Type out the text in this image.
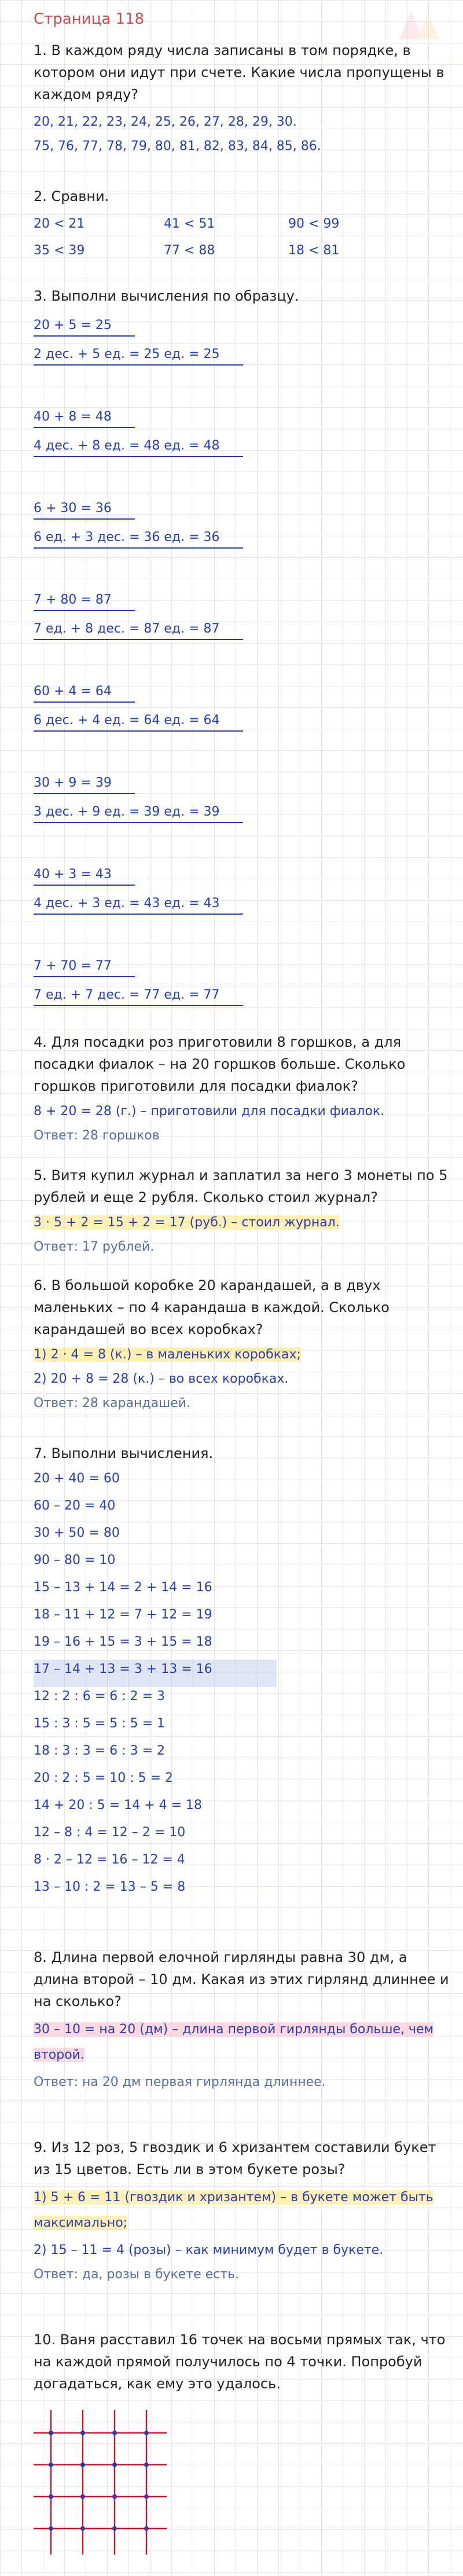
Страница 118
1. В каждом ряду числа записаны в том порядке, в котором они идут при счете. Какие числа пропущены в каждом ряду?
20, 21, 22, 23, 24, 25, 26, 27, 28, 29, 30.
75, 76, 77, 78, 79, 80, 81, 82, 83, 84, 85, 86.
2. Сравни.
20 < 21	41 < 51	90 < 99
35 < 39	77 < 88	18 < 81
3. Выполни вычисления по образцу.
20 + 5 = 25
2 дес. + 5 ед. = 25 ед. = 25
40 + 8 = 48
4 дес. + 8 ед. = 48 ед. = 48
6 + 30 = 36
6 ед. + 3 дес. = 36 ед. = 36
7 + 80 = 87
7 ед. + 8 дес. = 87 ед. = 87
60 + 4 = 64
6 дес. + 4 ед. = 64 ед. = 64
30 + 9 = 39
3 дес. + 9 ед. = 39 ед. = 39
40 + 3 = 43
4 дес. + 3 ед. = 43 ед. = 43
7 + 70 = 77
7 ед. + 7 дес. = 77 ед. = 77
4. Для посадки роз приготовили 8 горшков, а для посадки фиалок – на 20 горшков больше. Сколько горшков приготовили для посадки фиалок?
8 + 20 = 28 (г.) – приготовили для посадки фиалок.
Ответ: 28 горшков
5. Витя купил журнал и заплатил за него 3 монеты по 5 рублей и еще 2 рубля. Сколько стоил журнал?
3 · 5 + 2 = 15 + 2 = 17 (руб.) – стоил журнал.
Ответ: 17 рублей.
6. В большой коробке 20 карандашей, а в двух маленьких – по 4 карандаша в каждой. Сколько карандашей во всех коробках?
1) 2 · 4 = 8 (к.) – в маленьких коробках;
2) 20 + 8 = 28 (к.) – во всех коробках.
Ответ: 28 карандашей.
7. Выполни вычисления.
20 + 40 = 60
60 – 20 = 40
30 + 50 = 80
90 – 80 = 10
15 – 13 + 14 = 2 + 14 = 16
18 – 11 + 12 = 7 + 12 = 19
19 – 16 + 15 = 3 + 15 = 18
17 – 14 + 13 = 3 + 13 = 16
12 : 2 : 6 = 6 : 2 = 3
15 : 3 : 5 = 5 : 5 = 1
18 : 3 : 3 = 6 : 3 = 2
20 : 2 : 5 = 10 : 5 = 2
14 + 20 : 5 = 14 + 4 = 18
12 – 8 : 4 = 12 – 2 = 10
8 · 2 – 12 = 16 – 12 = 4
13 – 10 : 2 = 13 – 5 = 8
8. Длина первой елочной гирлянды равна 30 дм, а длина второй – 10 дм. Какая из этих гирлянд длиннее и на сколько?
30 – 10 = на 20 (дм) – длина первой гирлянды больше, чем второй.
Ответ: на 20 дм первая гирлянда длиннее.
9. Из 12 роз, 5 гвоздик и 6 хризантем составили букет из 15 цветов. Есть ли в этом букете розы?
1) 5 + 6 = 11 (гвоздик и хризантем) – в букете может быть максимально;
2) 15 – 11 = 4 (розы) – как минимум будет в букете.
Ответ: да, розы в букете есть.
10. Ваня расставил 16 точек на восьми прямых так, что на каждой прямой получилось по 4 точки. Попробуй догадаться, как ему это удалось.
